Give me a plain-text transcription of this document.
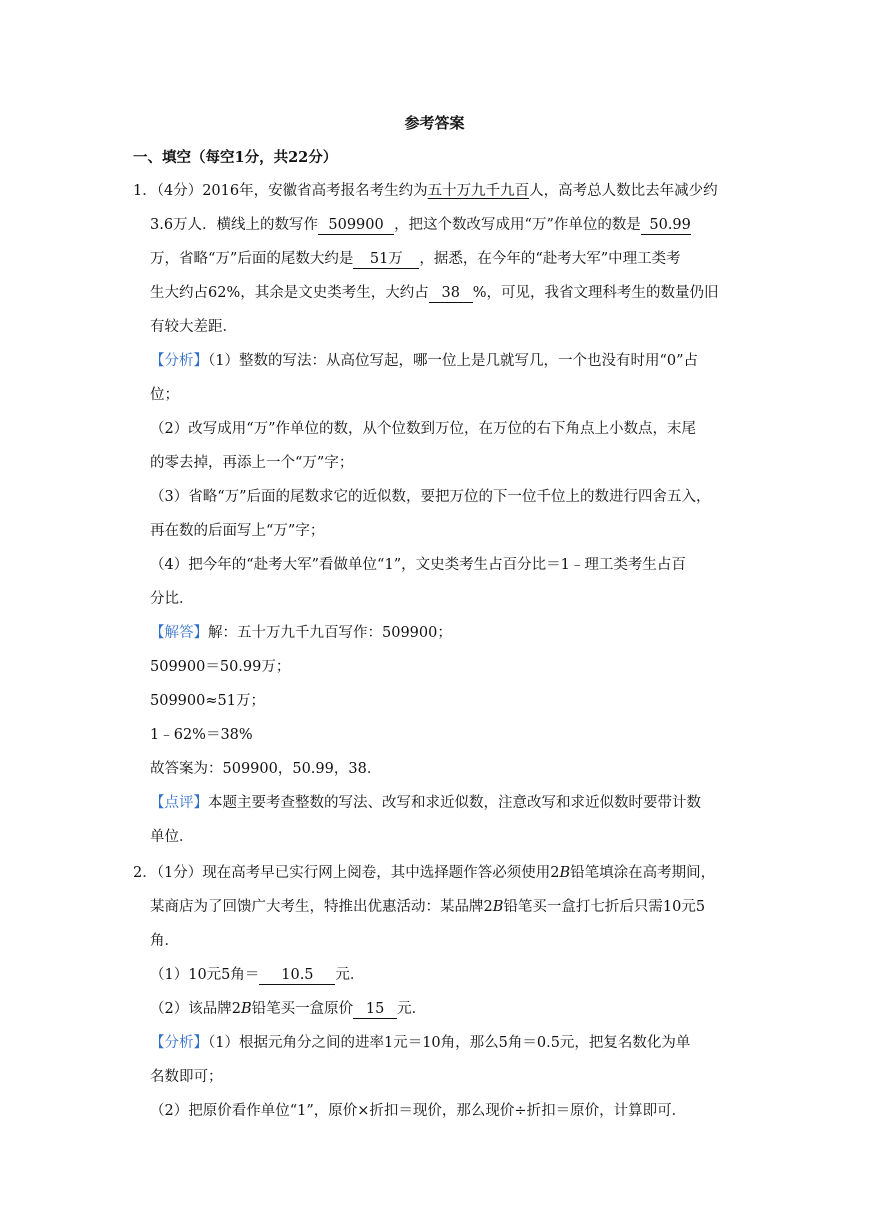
参考答案
一、填空（每空1分，共22分）
1．（4分）2016年，安徽省高考报名考生约为五十万九千九百人，高考总人数比去年减少约
3.6万人．横线上的数写作 509900 ，把这个数改写成用“万”作单位的数是 50.99
万，省略“万”后面的尾数大约是 51万 ，据悉，在今年的“赴考大军”中理工类考
生大约占62%，其余是文史类考生，大约占 38 %，可见，我省文理科考生的数量仍旧
有较大差距．
【分析】（1）整数的写法：从高位写起，哪一位上是几就写几，一个也没有时用“0”占
位；
（2）改写成用“万”作单位的数，从个位数到万位，在万位的右下角点上小数点，末尾
的零去掉，再添上一个“万”字；
（3）省略“万”后面的尾数求它的近似数，要把万位的下一位千位上的数进行四舍五入，
再在数的后面写上“万”字；
（4）把今年的“赴考大军”看做单位“1”，文史类考生占百分比＝1﹣理工类考生占百
分比．
【解答】解：五十万九千九百写作：509900；
509900＝50.99万；
509900≈51万；
1﹣62%＝38%
故答案为：509900，50.99，38．
【点评】本题主要考查整数的写法、改写和求近似数，注意改写和求近似数时要带计数
单位．
2．（1分）现在高考早已实行网上阅卷，其中选择题作答必须使用2B铅笔填涂在高考期间，
某商店为了回馈广大考生，特推出优惠活动：某品牌2B铅笔买一盒打七折后只需10元5
角．
（1）10元5角＝ 10.5 元．
（2）该品牌2B铅笔买一盒原价 15 元．
【分析】（1）根据元角分之间的进率1元＝10角，那么5角＝0.5元，把复名数化为单
名数即可；
（2）把原价看作单位“1”，原价×折扣＝现价，那么现价÷折扣＝原价，计算即可．
